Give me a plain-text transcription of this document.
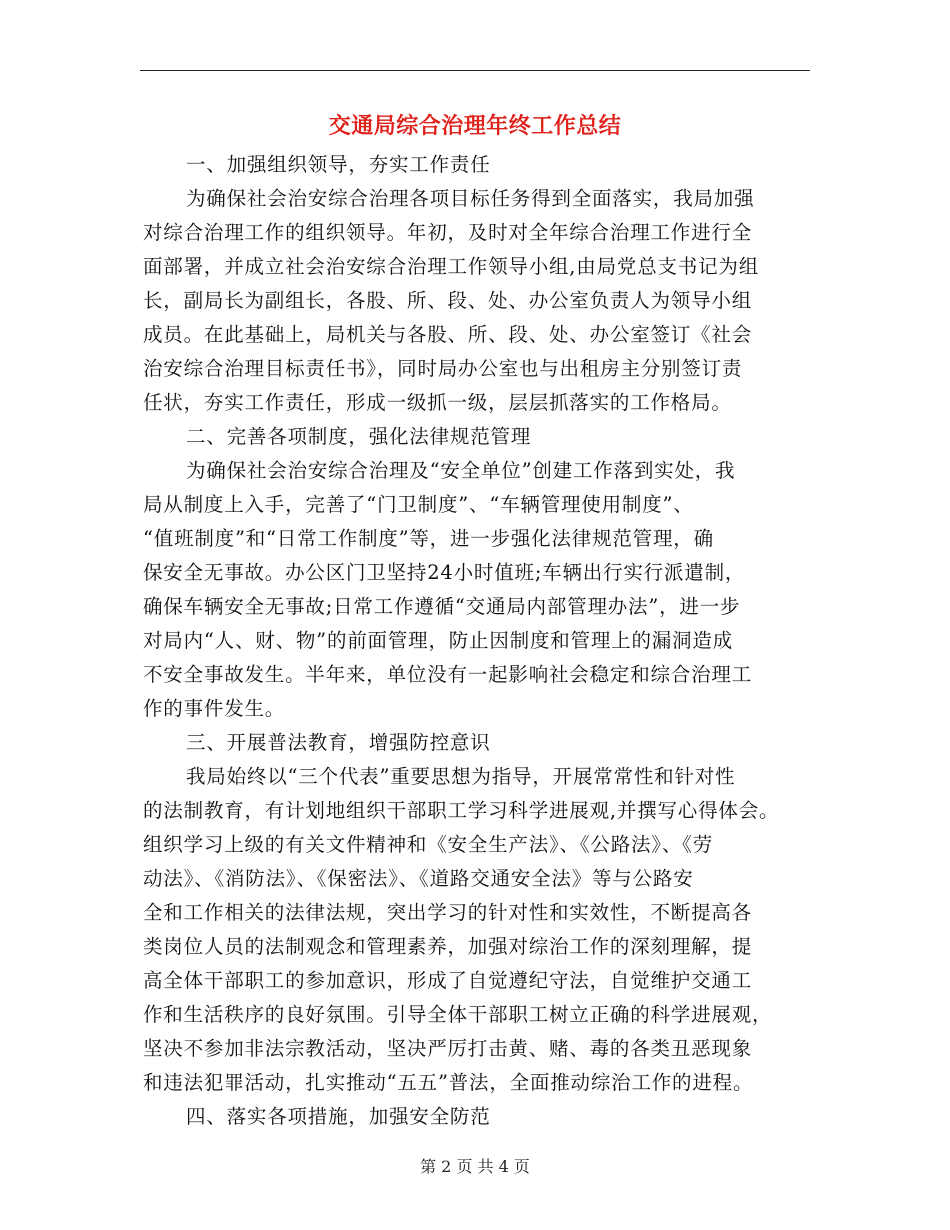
交通局综合治理年终工作总结
一、加强组织领导，夯实工作责任
为确保社会治安综合治理各项目标任务得到全面落实，我局加强
对综合治理工作的组织领导。年初，及时对全年综合治理工作进行全
面部署，并成立社会治安综合治理工作领导小组,由局党总支书记为组
长，副局长为副组长，各股、所、段、处、办公室负责人为领导小组
成员。在此基础上，局机关与各股、所、段、处、办公室签订《社会
治安综合治理目标责任书》，同时局办公室也与出租房主分别签订责
任状，夯实工作责任，形成一级抓一级，层层抓落实的工作格局。
二、完善各项制度，强化法律规范管理
为确保社会治安综合治理及“安全单位”创建工作落到实处，我
局从制度上入手，完善了“门卫制度”、“车辆管理使用制度”、
“值班制度”和“日常工作制度”等，进一步强化法律规范管理，确
保安全无事故。办公区门卫坚持24小时值班;车辆出行实行派遣制，
确保车辆安全无事故;日常工作遵循“交通局内部管理办法”，进一步
对局内“人、财、物”的前面管理，防止因制度和管理上的漏洞造成
不安全事故发生。半年来，单位没有一起影响社会稳定和综合治理工
作的事件发生。
三、开展普法教育，增强防控意识
我局始终以“三个代表”重要思想为指导，开展常常性和针对性
的法制教育，有计划地组织干部职工学习科学进展观,并撰写心得体会。
组织学习上级的有关文件精神和《安全生产法》、《公路法》、《劳
动法》、《消防法》、《保密法》、《道路交通安全法》等与公路安
全和工作相关的法律法规，突出学习的针对性和实效性，不断提高各
类岗位人员的法制观念和管理素养，加强对综治工作的深刻理解，提
高全体干部职工的参加意识，形成了自觉遵纪守法，自觉维护交通工
作和生活秩序的良好氛围。引导全体干部职工树立正确的科学进展观，
坚决不参加非法宗教活动，坚决严厉打击黄、赌、毒的各类丑恶现象
和违法犯罪活动，扎实推动“五五”普法，全面推动综治工作的进程。
四、落实各项措施，加强安全防范
第 2 页 共 4 页
